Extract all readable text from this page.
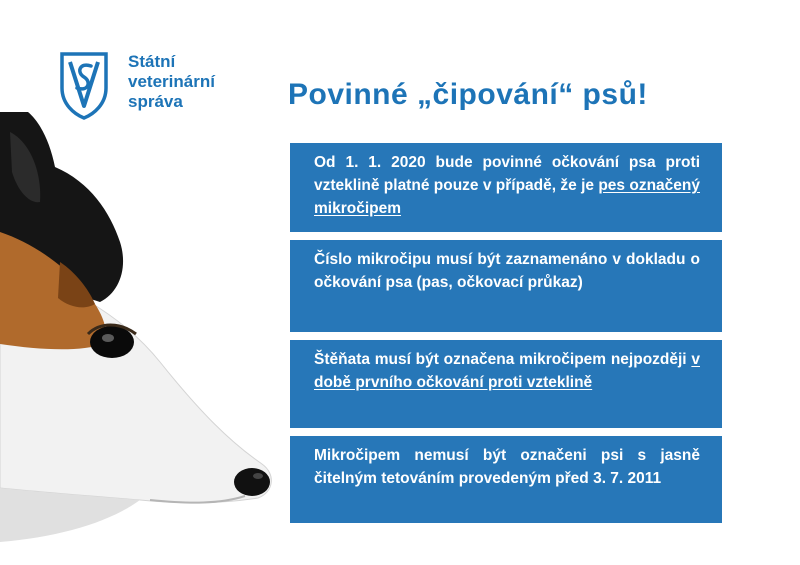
Státní
veterinární
správa	Povinné „čipování“ psů!

Od 1. 1. 2020 bude povinné očkování psa proti vzteklině platné pouze v případě, že je pes označený mikročipem

Číslo mikročipu musí být zaznamenáno v dokladu o očkování psa (pas, očkovací průkaz)

Štěňata musí být označena mikročipem nejpozději v době prvního očkování proti vzteklině

Mikročipem nemusí být označeni psi s jasně čitelným tetováním provedeným před 3. 7. 2011
